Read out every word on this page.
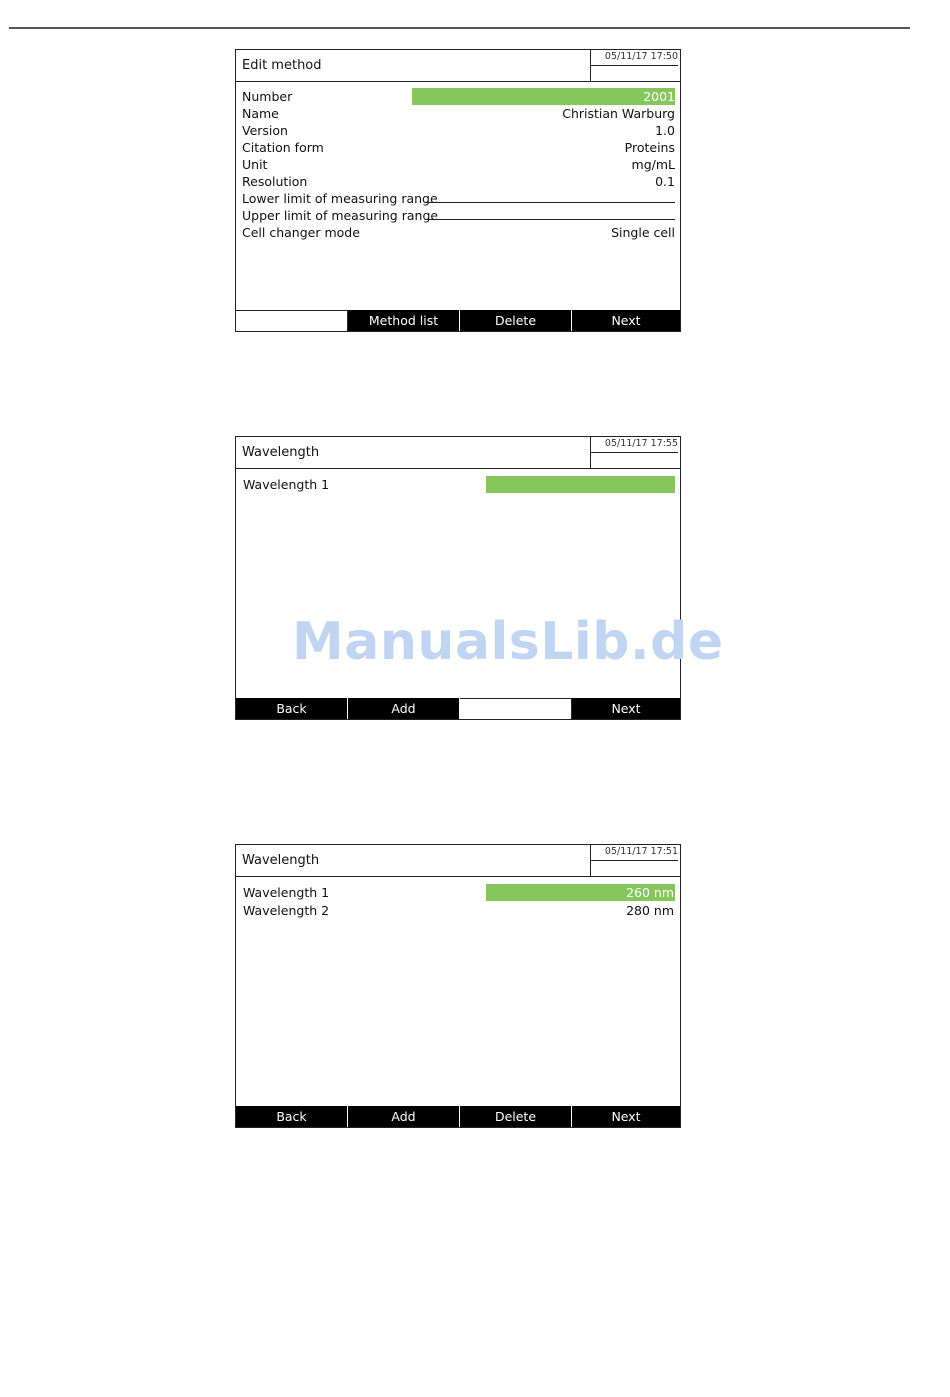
Edit method
05/11/17 17:50
Number	2001
Name	Christian Warburg
Version	1.0
Citation form	Proteins
Unit	mg/mL
Resolution	0.1
Lower limit of measuring range
Upper limit of measuring range
Cell changer mode	Single cell
Method list	Delete	Next
Wavelength
05/11/17 17:55
Wavelength 1
Back	Add	Next
Wavelength
05/11/17 17:51
Wavelength 1	260 nm
Wavelength 2	280 nm
Back	Add	Delete	Next
ManualsLib.de
